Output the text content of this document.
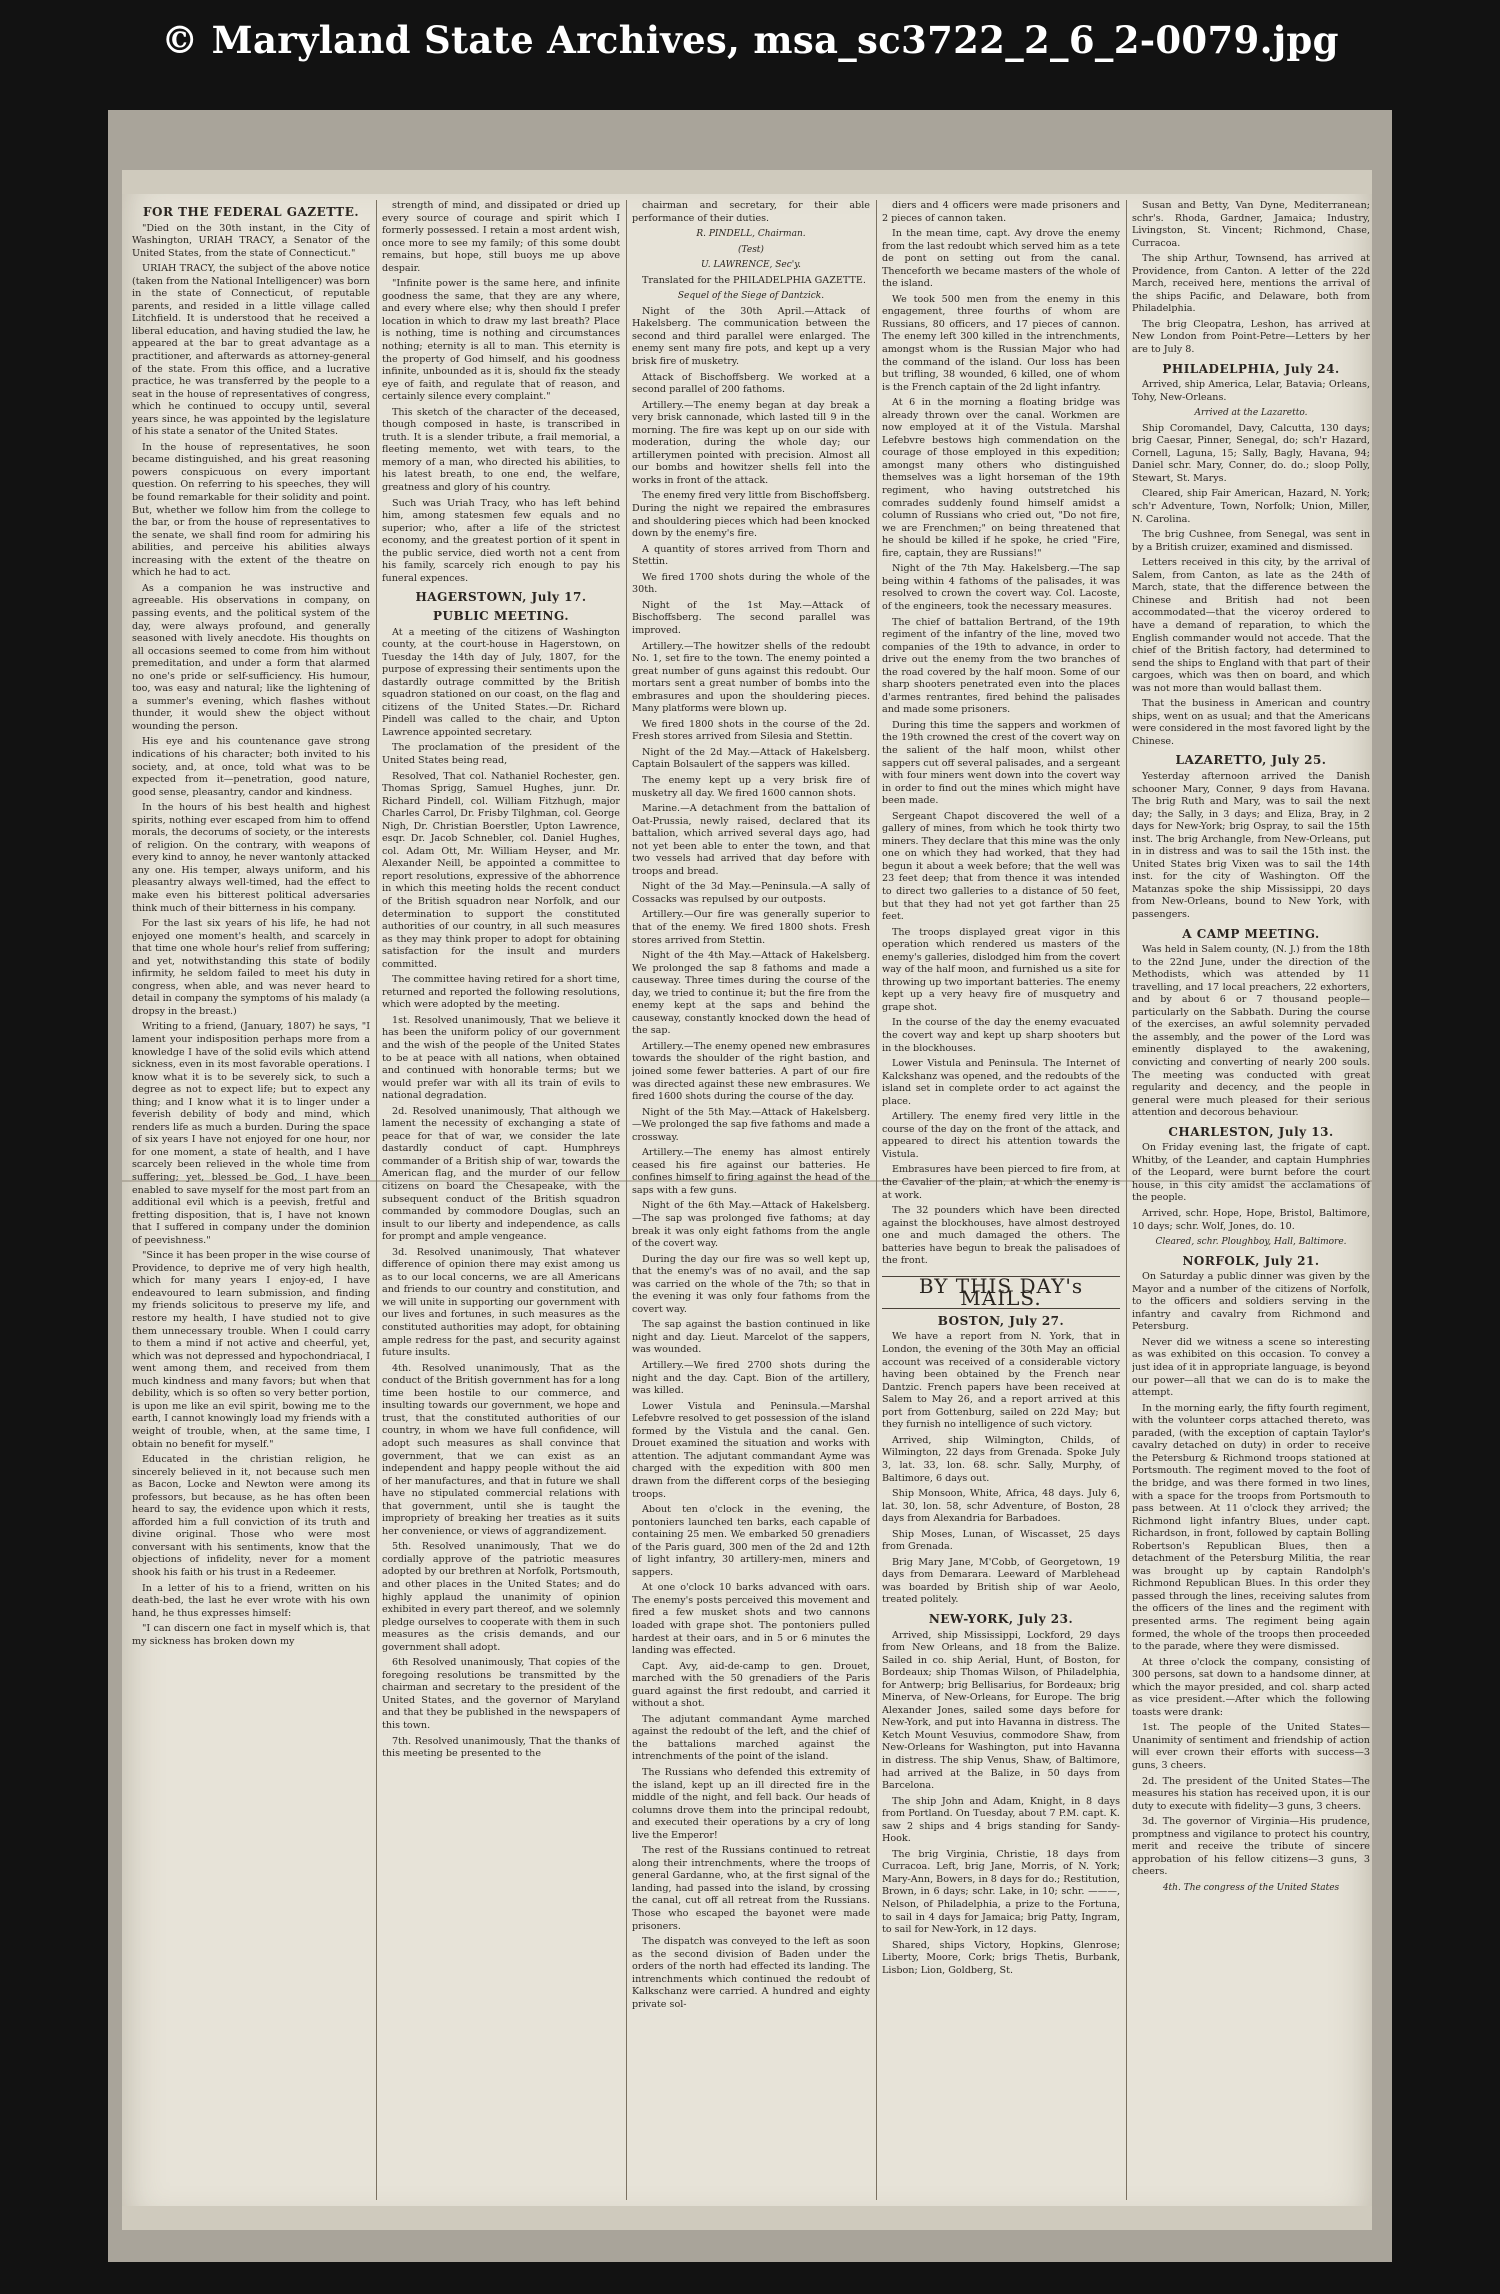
© Maryland State Archives, msa_sc3722_2_6_2-0079.jpg
FOR THE FEDERAL GAZETTE.

"Died on the 30th instant, in the City of Washington, URIAH TRACY, a Senator of the United States, from the state of Connecticut."

URIAH TRACY, the subject of the above notice (taken from the National Intelligencer) was born in the state of Connecticut, of reputable parents, and resided in a little village called Litchfield. It is understood that he received a liberal education, and having studied the law, he appeared at the bar to great advantage as a practitioner, and afterwards as attorney-general of the state. From this office, and a lucrative practice, he was transferred by the people to a seat in the house of representatives of congress, which he continued to occupy until, several years since, he was appointed by the legislature of his state a senator of the United States.

In the house of representatives, he soon became distinguished, and his great reasoning powers conspicuous on every important question. On referring to his speeches, they will be found remarkable for their solidity and point. But, whether we follow him from the college to the bar, or from the house of representatives to the senate, we shall find room for admiring his abilities, and perceive his abilities always increasing with the extent of the theatre on which he had to act.

As a companion he was instructive and agreeable. His observations in company, on passing events, and the political system of the day, were always profound, and generally seasoned with lively anecdote. His thoughts on all occasions seemed to come from him without premeditation, and under a form that alarmed no one's pride or self-sufficiency. His humour, too, was easy and natural; like the lightening of a summer's evening, which flashes without thunder, it would shew the object without wounding the person.

His eye and his countenance gave strong indications of his character; both invited to his society, and, at once, told what was to be expected from it—penetration, good nature, good sense, pleasantry, candor and kindness.

In the hours of his best health and highest spirits, nothing ever escaped from him to offend morals, the decorums of society, or the interests of religion. On the contrary, with weapons of every kind to annoy, he never wantonly attacked any one. His temper, always uniform, and his pleasantry always well-timed, had the effect to make even his bitterest political adversaries think much of their bitterness in his company.

For the last six years of his life, he had not enjoyed one moment's health, and scarcely in that time one whole hour's relief from suffering; and yet, notwithstanding this state of bodily infirmity, he seldom failed to meet his duty in congress, when able, and was never heard to detail in company the symptoms of his malady (a dropsy in the breast.)

Writing to a friend, (January, 1807) he says, "I lament your indisposition perhaps more from a knowledge I have of the solid evils which attend sickness, even in its most favorable operations. I know what it is to be severely sick, to such a degree as not to expect life; but to expect any thing; and I know what it is to linger under a feverish debility of body and mind, which renders life as much a burden. During the space of six years I have not enjoyed for one hour, nor for one moment, a state of health, and I have scarcely been relieved in the whole time from suffering; yet, blessed be God, I have been enabled to save myself for the most part from an additional evil which is a peevish, fretful and fretting disposition, that is, I have not known that I suffered in company under the dominion of peevishness."

"Since it has been proper in the wise course of Providence, to deprive me of very high health, which for many years I enjoy-ed, I have endeavoured to learn submission, and finding my friends solicitous to preserve my life, and restore my health, I have studied not to give them unnecessary trouble. When I could carry to them a mind if not active and cheerful, yet, which was not depressed and hypochondriacal, I went among them, and received from them much kindness and many favors; but when that debility, which is so often so very better portion, is upon me like an evil spirit, bowing me to the earth, I cannot knowingly load my friends with a weight of trouble, when, at the same time, I obtain no benefit for myself."

Educated in the christian religion, he sincerely believed in it, not because such men as Bacon, Locke and Newton were among its professors, but because, as he has often been heard to say, the evidence upon which it rests, afforded him a full conviction of its truth and divine original. Those who were most conversant with his sentiments, know that the objections of infidelity, never for a moment shook his faith or his trust in a Redeemer.

In a letter of his to a friend, written on his death-bed, the last he ever wrote with his own hand, he thus expresses himself:

"I can discern one fact in myself which is, that my sickness has broken down my

strength of mind, and dissipated or dried up every source of courage and spirit which I formerly possessed. I retain a most ardent wish, once more to see my family; of this some doubt remains, but hope, still buoys me up above despair.

"Infinite power is the same here, and infinite goodness the same, that they are any where, and every where else; why then should I prefer location in which to draw my last breath? Place is nothing, time is nothing and circumstances nothing; eternity is all to man. This eternity is the property of God himself, and his goodness infinite, unbounded as it is, should fix the steady eye of faith, and regulate that of reason, and certainly silence every complaint."

This sketch of the character of the deceased, though composed in haste, is transcribed in truth. It is a slender tribute, a frail memorial, a fleeting memento, wet with tears, to the memory of a man, who directed his abilities, to his latest breath, to one end, the welfare, greatness and glory of his country.

Such was Uriah Tracy, who has left behind him, among statesmen few equals and no superior; who, after a life of the strictest economy, and the greatest portion of it spent in the public service, died worth not a cent from his family, scarcely rich enough to pay his funeral expences.

HAGERSTOWN, July 17.

PUBLIC MEETING.

At a meeting of the citizens of Washington county, at the court-house in Hagerstown, on Tuesday the 14th day of July, 1807, for the purpose of expressing their sentiments upon the dastardly outrage committed by the British squadron stationed on our coast, on the flag and citizens of the United States.—Dr. Richard Pindell was called to the chair, and Upton Lawrence appointed secretary.

The proclamation of the president of the United States being read,

Resolved, That col. Nathaniel Rochester, gen. Thomas Sprigg, Samuel Hughes, junr. Dr. Richard Pindell, col. William Fitzhugh, major Charles Carrol, Dr. Frisby Tilghman, col. George Nigh, Dr. Christian Boerstler, Upton Lawrence, esqr. Dr. Jacob Schnebler, col. Daniel Hughes, col. Adam Ott, Mr. William Heyser, and Mr. Alexander Neill, be appointed a committee to report resolutions, expressive of the abhorrence in which this meeting holds the recent conduct of the British squadron near Norfolk, and our determination to support the constituted authorities of our country, in all such measures as they may think proper to adopt for obtaining satisfaction for the insult and murders committed.

The committee having retired for a short time, returned and reported the following resolutions, which were adopted by the meeting.

1st. Resolved unanimously, That we believe it has been the uniform policy of our government and the wish of the people of the United States to be at peace with all nations, when obtained and continued with honorable terms; but we would prefer war with all its train of evils to national degradation.

2d. Resolved unanimously, That although we lament the necessity of exchanging a state of peace for that of war, we consider the late dastardly conduct of capt. Humphreys commander of a British ship of war, towards the American flag, and the murder of our fellow citizens on board the Chesapeake, with the subsequent conduct of the British squadron commanded by commodore Douglas, such an insult to our liberty and independence, as calls for prompt and ample vengeance.

3d. Resolved unanimously, That whatever difference of opinion there may exist among us as to our local concerns, we are all Americans and friends to our country and constitution, and we will unite in supporting our government with our lives and fortunes, in such measures as the constituted authorities may adopt, for obtaining ample redress for the past, and security against future insults.

4th. Resolved unanimously, That as the conduct of the British government has for a long time been hostile to our commerce, and insulting towards our government, we hope and trust, that the constituted authorities of our country, in whom we have full confidence, will adopt such measures as shall convince that government, that we can exist as an independent and happy people without the aid of her manufactures, and that in future we shall have no stipulated commercial relations with that government, until she is taught the impropriety of breaking her treaties as it suits her convenience, or views of aggrandizement.

5th. Resolved unanimously, That we do cordially approve of the patriotic measures adopted by our brethren at Norfolk, Portsmouth, and other places in the United States; and do highly applaud the unanimity of opinion exhibited in every part thereof, and we solemnly pledge ourselves to cooperate with them in such measures as the crisis demands, and our government shall adopt.

6th Resolved unanimously, That copies of the foregoing resolutions be transmitted by the chairman and secretary to the president of the United States, and the governor of Maryland and that they be published in the newspapers of this town.

7th. Resolved unanimously, That the thanks of this meeting be presented to the

chairman and secretary, for their able performance of their duties.

R. PINDELL, Chairman.

(Test)

U. LAWRENCE, Sec'y.

Translated for the PHILADELPHIA GAZETTE.

Sequel of the Siege of Dantzick.

Night of the 30th April.—Attack of Hakelsberg. The communication between the second and third parallel were enlarged. The enemy sent many fire pots, and kept up a very brisk fire of musketry.

Attack of Bischoffsberg. We worked at a second parallel of 200 fathoms.

Artillery.—The enemy began at day break a very brisk cannonade, which lasted till 9 in the morning. The fire was kept up on our side with moderation, during the whole day; our artillerymen pointed with precision. Almost all our bombs and howitzer shells fell into the works in front of the attack.

The enemy fired very little from Bischoffsberg. During the night we repaired the embrasures and shouldering pieces which had been knocked down by the enemy's fire.

A quantity of stores arrived from Thorn and Stettin.

We fired 1700 shots during the whole of the 30th.

Night of the 1st May.—Attack of Bischoffsberg. The second parallel was improved.

Artillery.—The howitzer shells of the redoubt No. 1, set fire to the town. The enemy pointed a great number of guns against this redoubt. Our mortars sent a great number of bombs into the embrasures and upon the shouldering pieces. Many platforms were blown up.

We fired 1800 shots in the course of the 2d. Fresh stores arrived from Silesia and Stettin.

Night of the 2d May.—Attack of Hakelsberg. Captain Bolsaulert of the sappers was killed.

The enemy kept up a very brisk fire of musketry all day. We fired 1600 cannon shots.

Marine.—A detachment from the battalion of Oat-Prussia, newly raised, declared that its battalion, which arrived several days ago, had not yet been able to enter the town, and that two vessels had arrived that day before with troops and bread.

Night of the 3d May.—Peninsula.—A sally of Cossacks was repulsed by our outposts.

Artillery.—Our fire was generally superior to that of the enemy. We fired 1800 shots. Fresh stores arrived from Stettin.

Night of the 4th May.—Attack of Hakelsberg. We prolonged the sap 8 fathoms and made a causeway. Three times during the course of the day, we tried to continue it; but the fire from the enemy kept at the saps and behind the causeway, constantly knocked down the head of the sap.

Artillery.—The enemy opened new embrasures towards the shoulder of the right bastion, and joined some fewer batteries. A part of our fire was directed against these new embrasures. We fired 1600 shots during the course of the day.

Night of the 5th May.—Attack of Hakelsberg.—We prolonged the sap five fathoms and made a crossway.

Artillery.—The enemy has almost entirely ceased his fire against our batteries. He confines himself to firing against the head of the saps with a few guns.

Night of the 6th May.—Attack of Hakelsberg.—The sap was prolonged five fathoms; at day break it was only eight fathoms from the angle of the covert way.

During the day our fire was so well kept up, that the enemy's was of no avail, and the sap was carried on the whole of the 7th; so that in the evening it was only four fathoms from the covert way.

The sap against the bastion continued in like night and day. Lieut. Marcelot of the sappers, was wounded.

Artillery.—We fired 2700 shots during the night and the day. Capt. Bion of the artillery, was killed.

Lower Vistula and Peninsula.—Marshal Lefebvre resolved to get possession of the island formed by the Vistula and the canal. Gen. Drouet examined the situation and works with attention. The adjutant commandant Ayme was charged with the expedition with 800 men drawn from the different corps of the besieging troops.

About ten o'clock in the evening, the pontoniers launched ten barks, each capable of containing 25 men. We embarked 50 grenadiers of the Paris guard, 300 men of the 2d and 12th of light infantry, 30 artillery-men, miners and sappers.

At one o'clock 10 barks advanced with oars. The enemy's posts perceived this movement and fired a few musket shots and two cannons loaded with grape shot. The pontoniers pulled hardest at their oars, and in 5 or 6 minutes the landing was effected.

Capt. Avy, aid-de-camp to gen. Drouet, marched with the 50 grenadiers of the Paris guard against the first redoubt, and carried it without a shot.

The adjutant commandant Ayme marched against the redoubt of the left, and the chief of the battalions marched against the intrenchments of the point of the island.

The Russians who defended this extremity of the island, kept up an ill directed fire in the middle of the night, and fell back. Our heads of columns drove them into the principal redoubt, and executed their operations by a cry of long live the Emperor!

The rest of the Russians continued to retreat along their intrenchments, where the troops of general Gardanne, who, at the first signal of the landing, had passed into the island, by crossing the canal, cut off all retreat from the Russians. Those who escaped the bayonet were made prisoners.

The dispatch was conveyed to the left as soon as the second division of Baden under the orders of the north had effected its landing. The intrenchments which continued the redoubt of Kalkschanz were carried. A hundred and eighty private sol-

diers and 4 officers were made prisoners and 2 pieces of cannon taken.

In the mean time, capt. Avy drove the enemy from the last redoubt which served him as a tete de pont on setting out from the canal. Thenceforth we became masters of the whole of the island.

We took 500 men from the enemy in this engagement, three fourths of whom are Russians, 80 officers, and 17 pieces of cannon. The enemy left 300 killed in the intrenchments, amongst whom is the Russian Major who had the command of the island. Our loss has been but trifling, 38 wounded, 6 killed, one of whom is the French captain of the 2d light infantry.

At 6 in the morning a floating bridge was already thrown over the canal. Workmen are now employed at it of the Vistula. Marshal Lefebvre bestows high commendation on the courage of those employed in this expedition; amongst many others who distinguished themselves was a light horseman of the 19th regiment, who having outstretched his comrades suddenly found himself amidst a column of Russians who cried out, "Do not fire, we are Frenchmen;" on being threatened that he should be killed if he spoke, he cried "Fire, fire, captain, they are Russians!"

Night of the 7th May. Hakelsberg.—The sap being within 4 fathoms of the palisades, it was resolved to crown the covert way. Col. Lacoste, of the engineers, took the necessary measures.

The chief of battalion Bertrand, of the 19th regiment of the infantry of the line, moved two companies of the 19th to advance, in order to drive out the enemy from the two branches of the road covered by the half moon. Some of our sharp shooters penetrated even into the places d'armes rentrantes, fired behind the palisades and made some prisoners.

During this time the sappers and workmen of the 19th crowned the crest of the covert way on the salient of the half moon, whilst other sappers cut off several palisades, and a sergeant with four miners went down into the covert way in order to find out the mines which might have been made.

Sergeant Chapot discovered the well of a gallery of mines, from which he took thirty two miners. They declare that this mine was the only one on which they had worked, that they had begun it about a week before; that the well was 23 feet deep; that from thence it was intended to direct two galleries to a distance of 50 feet, but that they had not yet got farther than 25 feet.

The troops displayed great vigor in this operation which rendered us masters of the enemy's galleries, dislodged him from the covert way of the half moon, and furnished us a site for throwing up two important batteries. The enemy kept up a very heavy fire of musquetry and grape shot.

In the course of the day the enemy evacuated the covert way and kept up sharp shooters but in the blockhouses.

Lower Vistula and Peninsula. The Internet of Kalckshanz was opened, and the redoubts of the island set in complete order to act against the place.

Artillery. The enemy fired very little in the course of the day on the front of the attack, and appeared to direct his attention towards the Vistula.

Embrasures have been pierced to fire from, at the Cavalier of the plain, at which the enemy is at work.

The 32 pounders which have been directed against the blockhouses, have almost destroyed one and much damaged the others. The batteries have begun to break the palisadoes of the front.

BY THIS DAY's MAILS.

BOSTON, July 27.

We have a report from N. York, that in London, the evening of the 30th May an official account was received of a considerable victory having been obtained by the French near Dantzic. French papers have been received at Salem to May 26, and a report arrived at this port from Gottenburg, sailed on 22d May; but they furnish no intelligence of such victory.

Arrived, ship Wilmington, Childs, of Wilmington, 22 days from Grenada. Spoke July 3, lat. 33, lon. 68. schr. Sally, Murphy, of Baltimore, 6 days out.

Ship Monsoon, White, Africa, 48 days. July 6, lat. 30, lon. 58, schr Adventure, of Boston, 28 days from Alexandria for Barbadoes.

Ship Moses, Lunan, of Wiscasset, 25 days from Grenada.

Brig Mary Jane, M'Cobb, of Georgetown, 19 days from Demarara. Leeward of Marblehead was boarded by British ship of war Aeolo, treated politely.

NEW-YORK, July 23.

Arrived, ship Mississippi, Lockford, 29 days from New Orleans, and 18 from the Balize. Sailed in co. ship Aerial, Hunt, of Boston, for Bordeaux; ship Thomas Wilson, of Philadelphia, for Antwerp; brig Bellisarius, for Bordeaux; brig Minerva, of New-Orleans, for Europe. The brig Alexander Jones, sailed some days before for New-York, and put into Havanna in distress. The Ketch Mount Vesuvius, commodore Shaw, from New-Orleans for Washington, put into Havanna in distress. The ship Venus, Shaw, of Baltimore, had arrived at the Balize, in 50 days from Barcelona.

The ship John and Adam, Knight, in 8 days from Portland. On Tuesday, about 7 P.M. capt. K. saw 2 ships and 4 brigs standing for Sandy-Hook.

The brig Virginia, Christie, 18 days from Curracoa. Left, brig Jane, Morris, of N. York; Mary-Ann, Bowers, in 8 days for do.; Restitution, Brown, in 6 days; schr. Lake, in 10; schr. ———, Nelson, of Philadelphia, a prize to the Fortuna, to sail in 4 days for Jamaica; brig Patty, Ingram, to sail for New-York, in 12 days.

Shared, ships Victory, Hopkins, Glenrose; Liberty, Moore, Cork; brigs Thetis, Burbank, Lisbon; Lion, Goldberg, St.

Susan and Betty, Van Dyne, Mediterranean; schr's. Rhoda, Gardner, Jamaica; Industry, Livingston, St. Vincent; Richmond, Chase, Curracoa.

The ship Arthur, Townsend, has arrived at Providence, from Canton. A letter of the 22d March, received here, mentions the arrival of the ships Pacific, and Delaware, both from Philadelphia.

The brig Cleopatra, Leshon, has arrived at New London from Point-Petre—Letters by her are to July 8.

PHILADELPHIA, July 24.

Arrived, ship America, Lelar, Batavia; Orleans, Tohy, New-Orleans.

Arrived at the Lazaretto.

Ship Coromandel, Davy, Calcutta, 130 days; brig Caesar, Pinner, Senegal, do; sch'r Hazard, Cornell, Laguna, 15; Sally, Bagly, Havana, 94; Daniel schr. Mary, Conner, do. do.; sloop Polly, Stewart, St. Marys.

Cleared, ship Fair American, Hazard, N. York; sch'r Adventure, Town, Norfolk; Union, Miller, N. Carolina.

The brig Cushnee, from Senegal, was sent in by a British cruizer, examined and dismissed.

Letters received in this city, by the arrival of Salem, from Canton, as late as the 24th of March, state, that the difference between the Chinese and British had not been accommodated—that the viceroy ordered to have a demand of reparation, to which the English commander would not accede. That the chief of the British factory, had determined to send the ships to England with that part of their cargoes, which was then on board, and which was not more than would ballast them.

That the business in American and country ships, went on as usual; and that the Americans were considered in the most favored light by the Chinese.

LAZARETTO, July 25.

Yesterday afternoon arrived the Danish schooner Mary, Conner, 9 days from Havana. The brig Ruth and Mary, was to sail the next day; the Sally, in 3 days; and Eliza, Bray, in 2 days for New-York; brig Ospray, to sail the 15th inst. The brig Archangle, from New-Orleans, put in in distress and was to sail the 15th inst. the United States brig Vixen was to sail the 14th inst. for the city of Washington. Off the Matanzas spoke the ship Mississippi, 20 days from New-Orleans, bound to New York, with passengers.

A CAMP MEETING.

Was held in Salem county, (N. J.) from the 18th to the 22nd June, under the direction of the Methodists, which was attended by 11 travelling, and 17 local preachers, 22 exhorters, and by about 6 or 7 thousand people—particularly on the Sabbath. During the course of the exercises, an awful solemnity pervaded the assembly, and the power of the Lord was eminently displayed to the awakening, convicting and converting of nearly 200 souls. The meeting was conducted with great regularity and decency, and the people in general were much pleased for their serious attention and decorous behaviour.

CHARLESTON, July 13.

On Friday evening last, the frigate of capt. Whitby, of the Leander, and captain Humphries of the Leopard, were burnt before the court house, in this city amidst the acclamations of the people.

Arrived, schr. Hope, Hope, Bristol, Baltimore, 10 days; schr. Wolf, Jones, do. 10.

Cleared, schr. Ploughboy, Hall, Baltimore.

NORFOLK, July 21.

On Saturday a public dinner was given by the Mayor and a number of the citizens of Norfolk, to the officers and soldiers serving in the infantry and cavalry from Richmond and Petersburg.

Never did we witness a scene so interesting as was exhibited on this occasion. To convey a just idea of it in appropriate language, is beyond our power—all that we can do is to make the attempt.

In the morning early, the fifty fourth regiment, with the volunteer corps attached thereto, was paraded, (with the exception of captain Taylor's cavalry detached on duty) in order to receive the Petersburg & Richmond troops stationed at Portsmouth. The regiment moved to the foot of the bridge, and was there formed in two lines, with a space for the troops from Portsmouth to pass between. At 11 o'clock they arrived; the Richmond light infantry Blues, under capt. Richardson, in front, followed by captain Bolling Robertson's Republican Blues, then a detachment of the Petersburg Militia, the rear was brought up by captain Randolph's Richmond Republican Blues. In this order they passed through the lines, receiving salutes from the officers of the lines and the regiment with presented arms. The regiment being again formed, the whole of the troops then proceeded to the parade, where they were dismissed.

At three o'clock the company, consisting of 300 persons, sat down to a handsome dinner, at which the mayor presided, and col. sharp acted as vice president.—After which the following toasts were drank:

1st. The people of the United States—Unanimity of sentiment and friendship of action will ever crown their efforts with success—3 guns, 3 cheers.

2d. The president of the United States—The measures his station has received upon, it is our duty to execute with fidelity—3 guns, 3 cheers.

3d. The governor of Virginia—His prudence, promptness and vigilance to protect his country, merit and receive the tribute of sincere approbation of his fellow citizens—3 guns, 3 cheers.

4th. The congress of the United States
